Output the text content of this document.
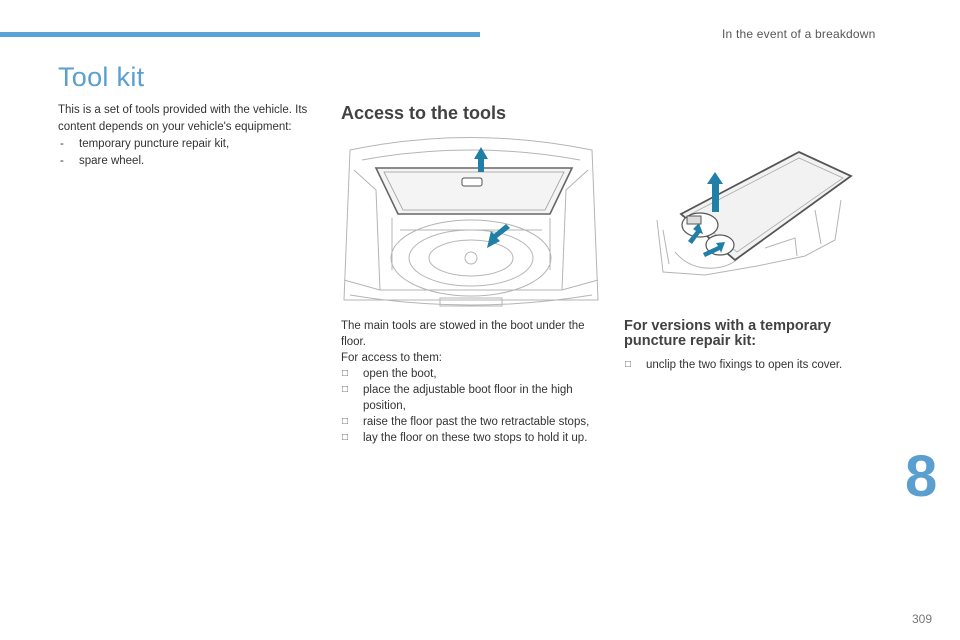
In the event of a breakdown
Tool kit

This is a set of tools provided with the vehicle. Its content depends on your vehicle's equipment:

- temporary puncture repair kit,
- spare wheel.
Access to the tools

The main tools are stowed in the boot under the floor.

For access to them:

□ open the boot,
□ place the adjustable boot floor in the high position,
□ raise the floor past the two retractable stops,
□ lay the floor on these two stops to hold it up.
For versions with a temporary puncture repair kit:
□ unclip the two fixings to open its cover.
8
309
